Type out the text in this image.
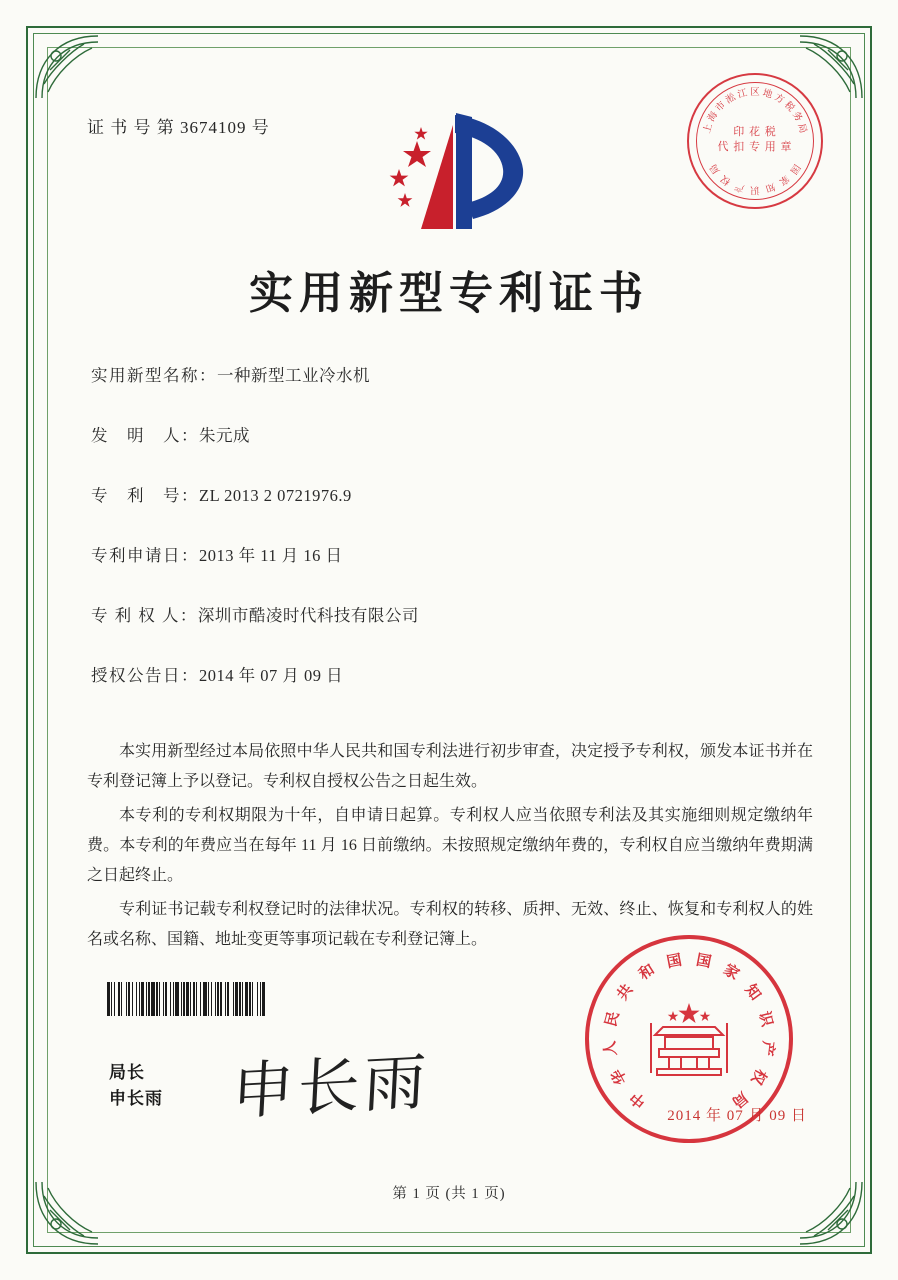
证 书 号 第 3674109 号	上
海
市
淞 江 区 地 方
税
务
局
国
家
知
识
产
权
局
印 花 税
代 扣 专 用 章
实用新型专利证书
实用新型名称：一种新型工业冷水机
发　明　人：朱元成
专　利　号：ZL 2013 2 0721976.9
专利申请日：2013 年 11 月 16 日
专 利 权 人：深圳市酷凌时代科技有限公司
授权公告日：2014 年 07 月 09 日

本实用新型经过本局依照中华人民共和国专利法进行初步审查，决定授予专利权，颁发本证书并在专利登记簿上予以登记。专利权自授权公告之日起生效。

本专利的专利权期限为十年，自申请日起算。专利权人应当依照专利法及其实施细则规定缴纳年费。本专利的年费应当在每年 11 月 16 日前缴纳。未按照规定缴纳年费的，专利权自应当缴纳年费期满之日起终止。

专利证书记载专利权登记时的法律状况。专利权的转移、质押、无效、终止、恢复和专利权人的姓名或名称、国籍、地址变更等事项记载在专利登记簿上。

局长
申长雨 申长雨	中
华
人
民
共
和 国 国 家
知
识
产
权
局
2014 年 07 月 09 日
第 1 页 (共 1 页)
